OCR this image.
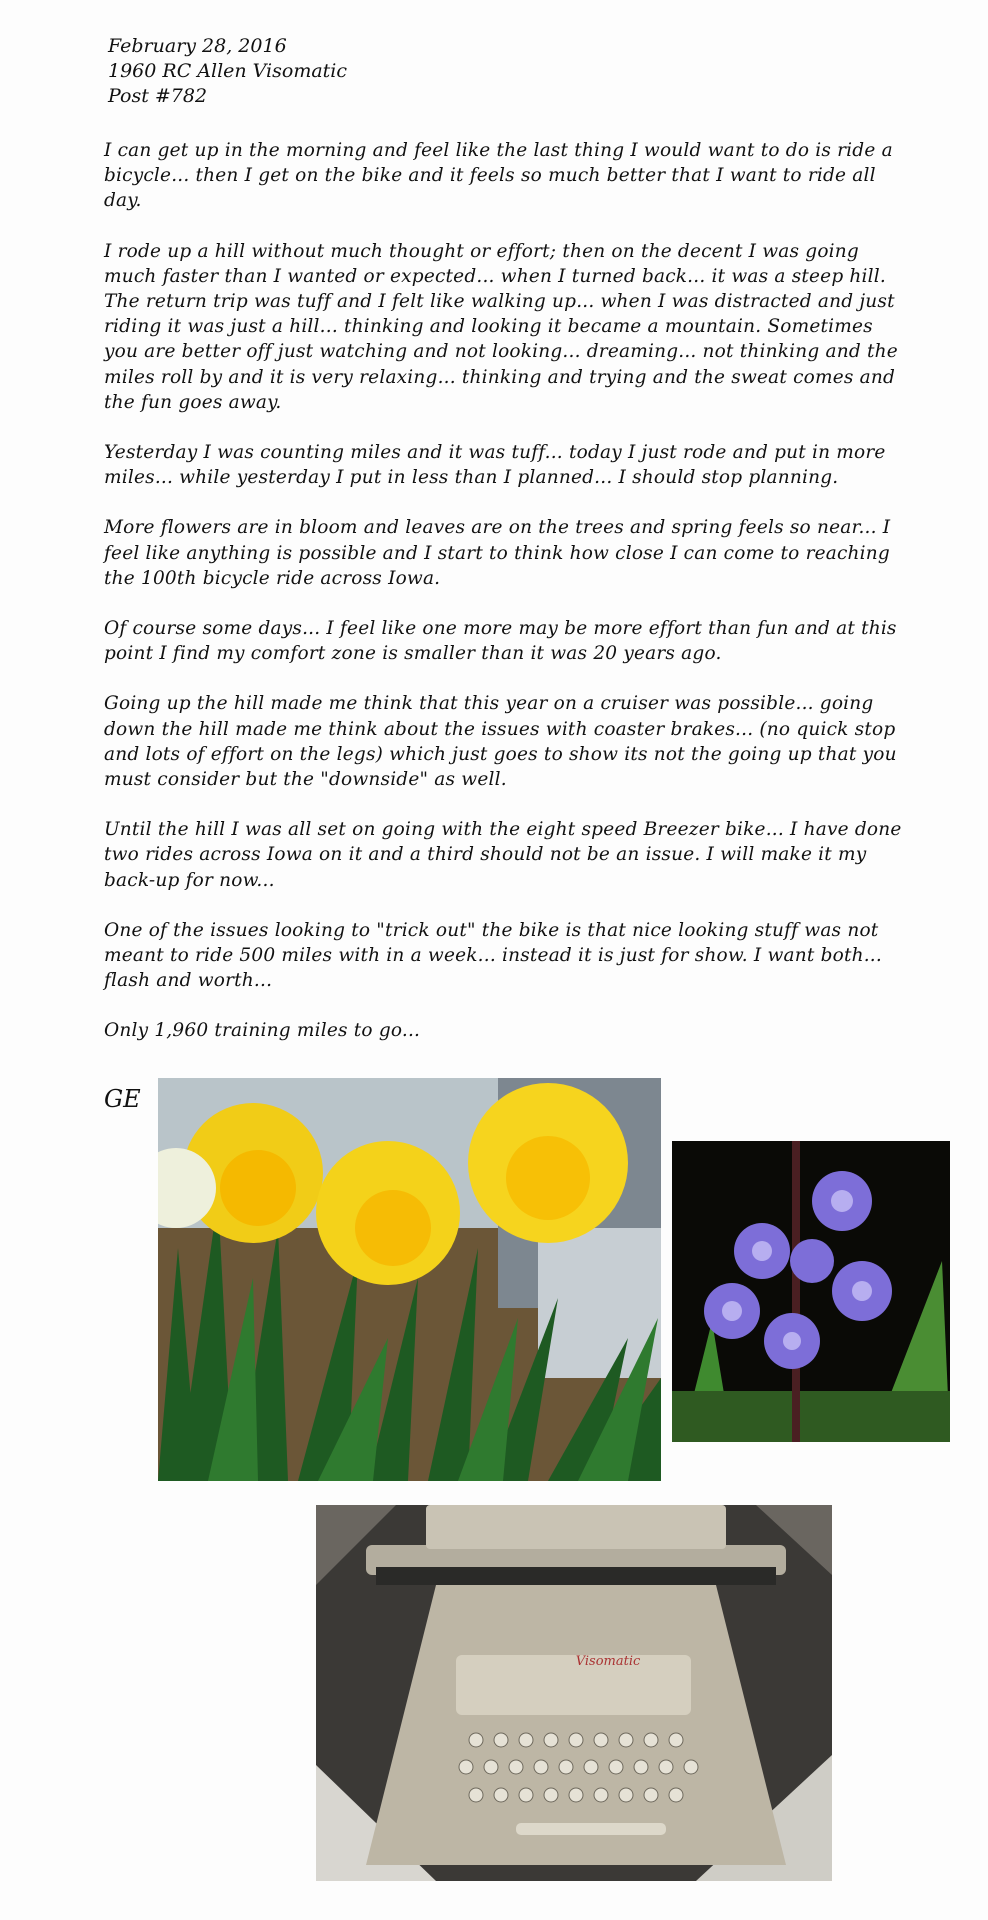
February 28, 2016
1960 RC Allen Visomatic
Post #782

I can get up in the morning and feel like the last thing I would want to do is ride a bicycle... then I get on the bike and it feels so much better that I want to ride all day.

I rode up a hill without much thought or effort; then on the decent I was going much faster than I wanted or expected... when I turned back... it was a steep hill. The return trip was tuff and I felt like walking up... when I was distracted and just riding it was just a hill... thinking and looking it became a mountain. Sometimes you are better off just watching and not looking... dreaming... not thinking and the miles roll by and it is very relaxing... thinking and trying and the sweat comes and the fun goes away.

Yesterday I was counting miles and it was tuff... today I just rode and put in more miles... while yesterday I put in less than I planned... I should stop planning.

More flowers are in bloom and leaves are on the trees and spring feels so near... I feel like anything is possible and I start to think how close I can come to reaching the 100th bicycle ride across Iowa.

Of course some days... I feel like one more may be more effort than fun and at this point I find my comfort zone is smaller than it was 20 years ago.

Going up the hill made me think that this year on a cruiser was possible... going down the hill made me think about the issues with coaster brakes... (no quick stop and lots of effort on the legs) which just goes to show its not the going up that you must consider but the "downside" as well.

Until the hill I was all set on going with the eight speed Breezer bike... I have done two rides across Iowa on it and a third should not be an issue. I will make it my back-up for now...

One of the issues looking to "trick out" the bike is that nice looking stuff was not meant to ride 500 miles with in a week... instead it is just for show. I want both... flash and worth...

Only 1,960 training miles to go...

GE
Visomatic
